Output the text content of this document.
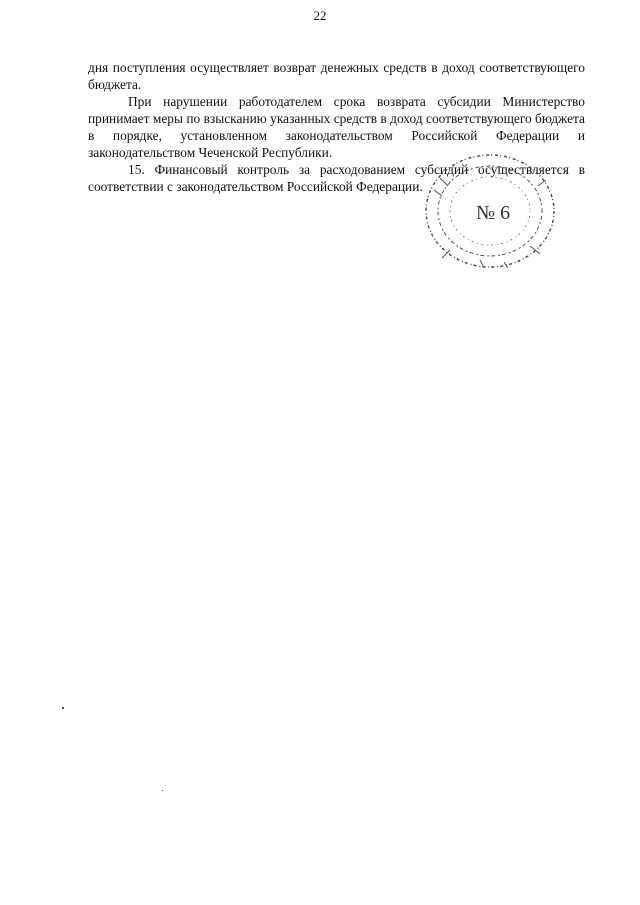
22

дня поступления осуществляет возврат денежных средств в доход соответствующего бюджета.

При нарушении работодателем срока возврата субсидии Министерство принимает меры по взысканию указанных средств в доход соответствующего бюджета в порядке, установленном законодательством Российской Федерации и законодательством Чеченской Республики.

15. Финансовый контроль за расходованием субсидий осуществляется в соответствии с законодательством Российской Федерации.

№ 6
